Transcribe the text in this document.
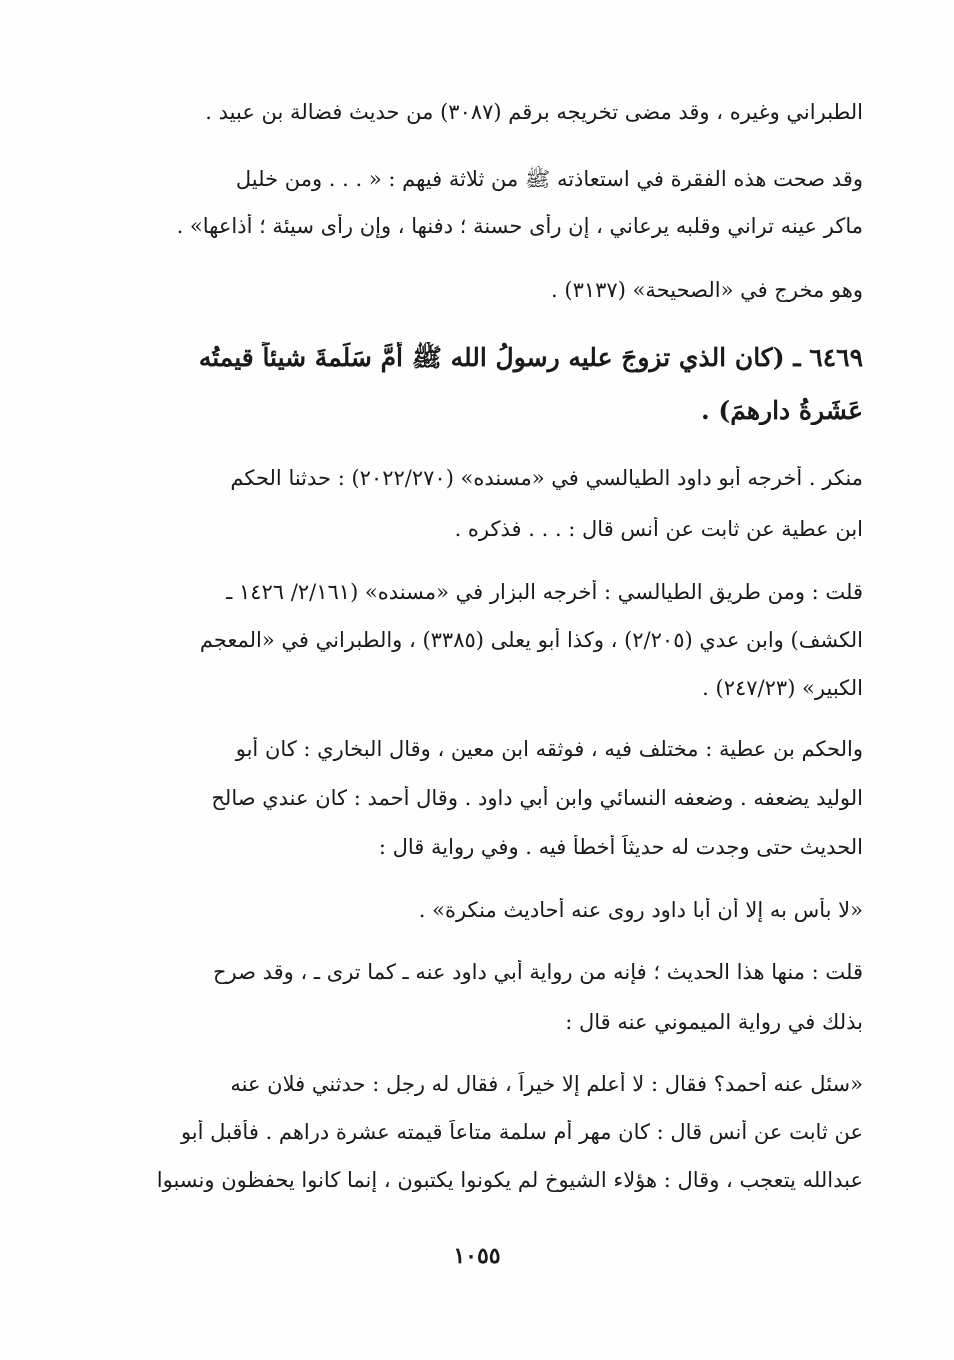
الطبراني وغيره ، وقد مضى تخريجه برقم (٣٠٨٧) من حديث فضالة بن عبيد .
وقد صحت هذه الفقرة في استعاذته ﷺ من ثلاثة فيهم : « . . . ومن خليل
ماكر عينه تراني وقلبه يرعاني ، إن رأى حسنة ؛ دفنها ، وإن رأى سيئة ؛ أذاعها» .
وهو مخرج في «الصحيحة» (٣١٣٧) .
٦٤٦٩ ـ (كان الذي تزوجَ عليه رسولُ الله ﷺ أمَّ سَلَمةَ شيئاً قيمتُه
عَشَرةُ دارهمَ) .
منكر . أخرجه أبو داود الطيالسي في «مسنده» (٢٠٢٢/٢٧٠) : حدثنا الحكم
ابن عطية عن ثابت عن أنس قال : . . . فذكره .
قلت : ومن طريق الطيالسي : أخرجه البزار في «مسنده» (٢/١٦١/ ١٤٢٦ ـ
الكشف) وابن عدي (٢/٢٠٥) ، وكذا أبو يعلى (٣٣٨٥) ، والطبراني في «المعجم
الكبير» (٢٤٧/٢٣) .
والحكم بن عطية : مختلف فيه ، فوثقه ابن معين ، وقال البخاري : كان أبو
الوليد يضعفه . وضعفه النسائي وابن أبي داود . وقال أحمد : كان عندي صالح
الحديث حتى وجدت له حديثاً أخطأ فيه . وفي رواية قال :
«لا بأس به إلا أن أبا داود روى عنه أحاديث منكرة» .
قلت : منها هذا الحديث ؛ فإنه من رواية أبي داود عنه ـ كما ترى ـ ، وقد صرح
بذلك في رواية الميموني عنه قال :
«سئل عنه أحمد؟ فقال : لا أعلم إلا خيراً ، فقال له رجل : حدثني فلان عنه
عن ثابت عن أنس قال : كان مهر أم سلمة متاعاً قيمته عشرة دراهم . فأقبل أبو
عبدالله يتعجب ، وقال : هؤلاء الشيوخ لم يكونوا يكتبون ، إنما كانوا يحفظون ونسبوا
١٠٥٥
